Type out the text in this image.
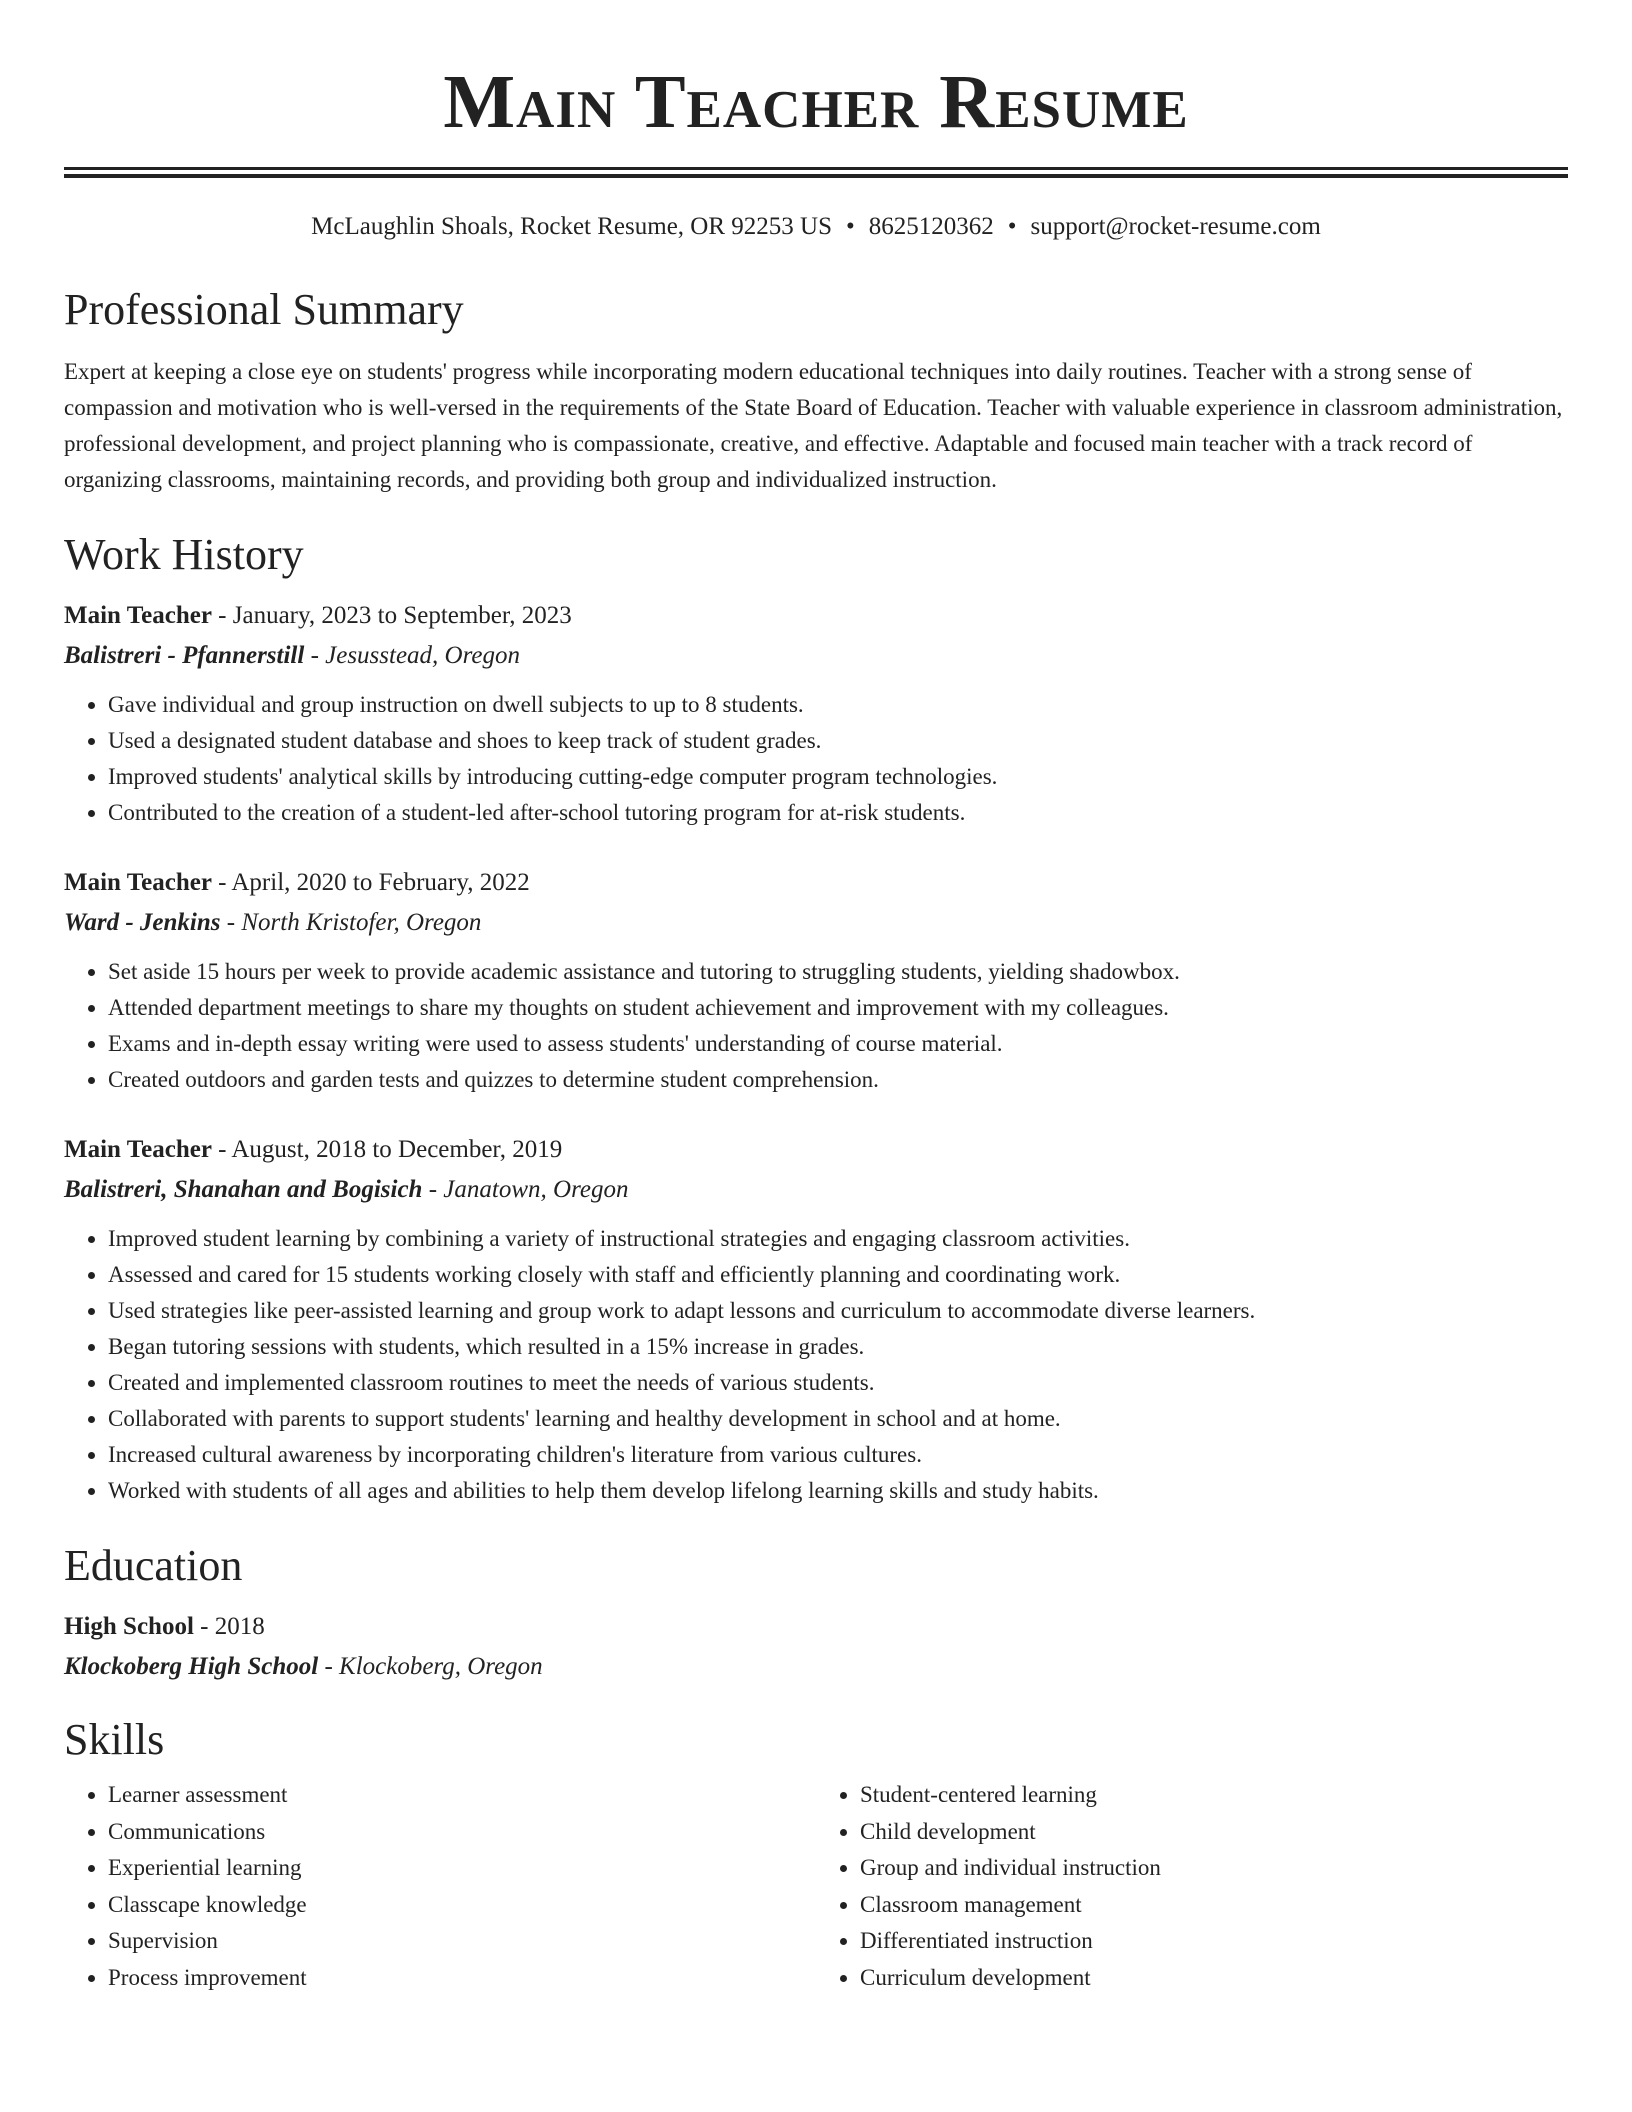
Main Teacher Resume
McLaughlin Shoals, Rocket Resume, OR 92253 US • 8625120362 • support@rocket-resume.com
Professional Summary

Expert at keeping a close eye on students' progress while incorporating modern educational techniques into daily routines. Teacher with a strong sense of compassion and motivation who is well-versed in the requirements of the State Board of Education. Teacher with valuable experience in classroom administration, professional development, and project planning who is compassionate, creative, and effective. Adaptable and focused main teacher with a track record of organizing classrooms, maintaining records, and providing both group and individualized instruction.

Work History
Main Teacher - January, 2023 to September, 2023
Balistreri - Pfannerstill - Jesusstead, Oregon
• Gave individual and group instruction on dwell subjects to up to 8 students.
• Used a designated student database and shoes to keep track of student grades.
• Improved students' analytical skills by introducing cutting-edge computer program technologies.
• Contributed to the creation of a student-led after-school tutoring program for at-risk students.
Main Teacher - April, 2020 to February, 2022
Ward - Jenkins - North Kristofer, Oregon
• Set aside 15 hours per week to provide academic assistance and tutoring to struggling students, yielding shadowbox.
• Attended department meetings to share my thoughts on student achievement and improvement with my colleagues.
• Exams and in-depth essay writing were used to assess students' understanding of course material.
• Created outdoors and garden tests and quizzes to determine student comprehension.
Main Teacher - August, 2018 to December, 2019
Balistreri, Shanahan and Bogisich - Janatown, Oregon
• Improved student learning by combining a variety of instructional strategies and engaging classroom activities.
• Assessed and cared for 15 students working closely with staff and efficiently planning and coordinating work.
• Used strategies like peer-assisted learning and group work to adapt lessons and curriculum to accommodate diverse learners.
• Began tutoring sessions with students, which resulted in a 15% increase in grades.
• Created and implemented classroom routines to meet the needs of various students.
• Collaborated with parents to support students' learning and healthy development in school and at home.
• Increased cultural awareness by incorporating children's literature from various cultures.
• Worked with students of all ages and abilities to help them develop lifelong learning skills and study habits.
Education
High School - 2018
Klockoberg High School - Klockoberg, Oregon
Skills
• Learner assessment
• Communications
• Experiential learning
• Classcape knowledge
• Supervision
• Process improvement
• Student-centered learning
• Child development
• Group and individual instruction
• Classroom management
• Differentiated instruction
• Curriculum development
